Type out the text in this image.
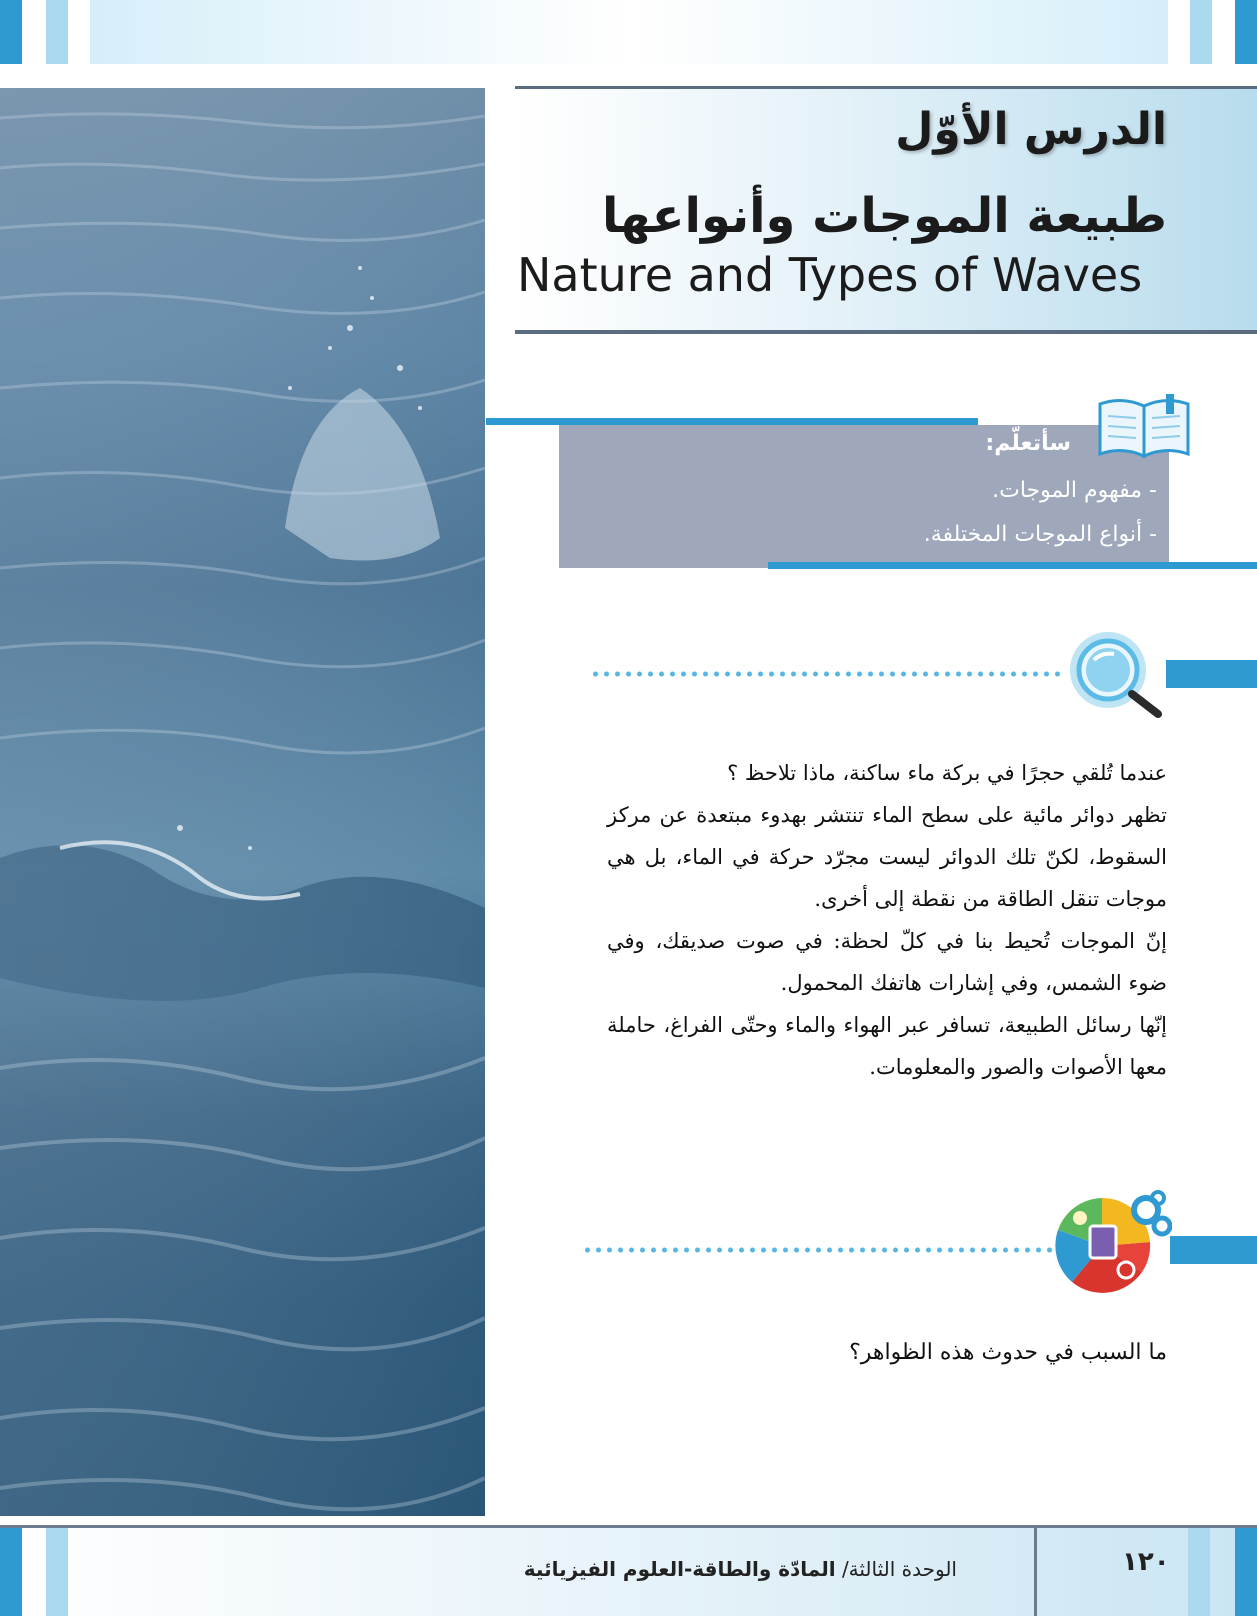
الدرس الأوّل
طبيعة الموجات وأنواعها
Nature and Types of Waves
سأتعلّم:
- مفهوم الموجات.
- أنواع الموجات المختلفة.

عندما تُلقي حجرًا في بركة ماء ساكنة، ماذا تلاحظ ؟

تظهر دوائر مائية على سطح الماء تنتشر بهدوء مبتعدة عن مركز السقوط، لكنّ تلك الدوائر ليست مجرّد حركة في الماء، بل هي موجات تنقل الطاقة من نقطة إلى أخرى.

إنّ الموجات تُحيط بنا في كلّ لحظة: في صوت صديقك، وفي ضوء الشمس، وفي إشارات هاتفك المحمول.

إنّها رسائل الطبيعة، تسافر عبر الهواء والماء وحتّى الفراغ، حاملة معها الأصوات والصور والمعلومات.

ما السبب في حدوث هذه الظواهر؟
الوحدة الثالثة/ المادّة والطاقة-العلوم الفيزيائية	١٢٠
